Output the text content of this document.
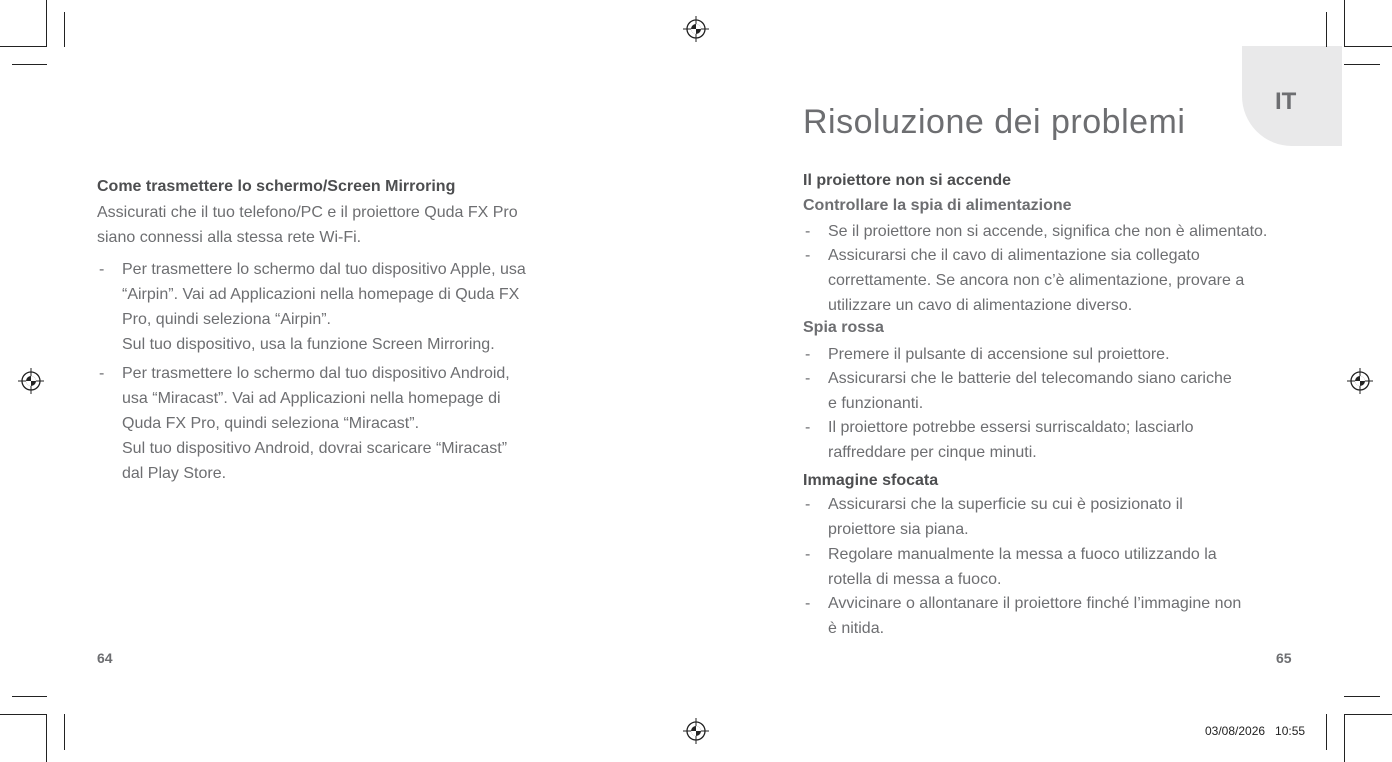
Come trasmettere lo schermo/Screen Mirroring
Assicurati che il tuo telefono/PC e il proiettore Quda FX Pro
siano connessi alla stessa rete Wi-Fi.
- Per trasmettere lo schermo dal tuo dispositivo Apple, usa
“Airpin”. Vai ad Applicazioni nella homepage di Quda FX
Pro, quindi seleziona “Airpin”.
Sul tuo dispositivo, usa la funzione Screen Mirroring.
- Per trasmettere lo schermo dal tuo dispositivo Android,
usa “Miracast”. Vai ad Applicazioni nella homepage di
Quda FX Pro, quindi seleziona “Miracast”.
Sul tuo dispositivo Android, dovrai scaricare “Miracast”
dal Play Store.
64
IT
Risoluzione dei problemi
Il proiettore non si accende
Controllare la spia di alimentazione
- Se il proiettore non si accende, significa che non è alimentato.
- Assicurarsi che il cavo di alimentazione sia collegato
correttamente. Se ancora non c’è alimentazione, provare a
utilizzare un cavo di alimentazione diverso.
Spia rossa
- Premere il pulsante di accensione sul proiettore.
- Assicurarsi che le batterie del telecomando siano cariche
e funzionanti.
- Il proiettore potrebbe essersi surriscaldato; lasciarlo
raffreddare per cinque minuti.
Immagine sfocata
- Assicurarsi che la superficie su cui è posizionato il
proiettore sia piana.
- Regolare manualmente la messa a fuoco utilizzando la
rotella di messa a fuoco.
- Avvicinare o allontanare il proiettore finché l’immagine non
è nitida.
65
03/08/2026   10:55
